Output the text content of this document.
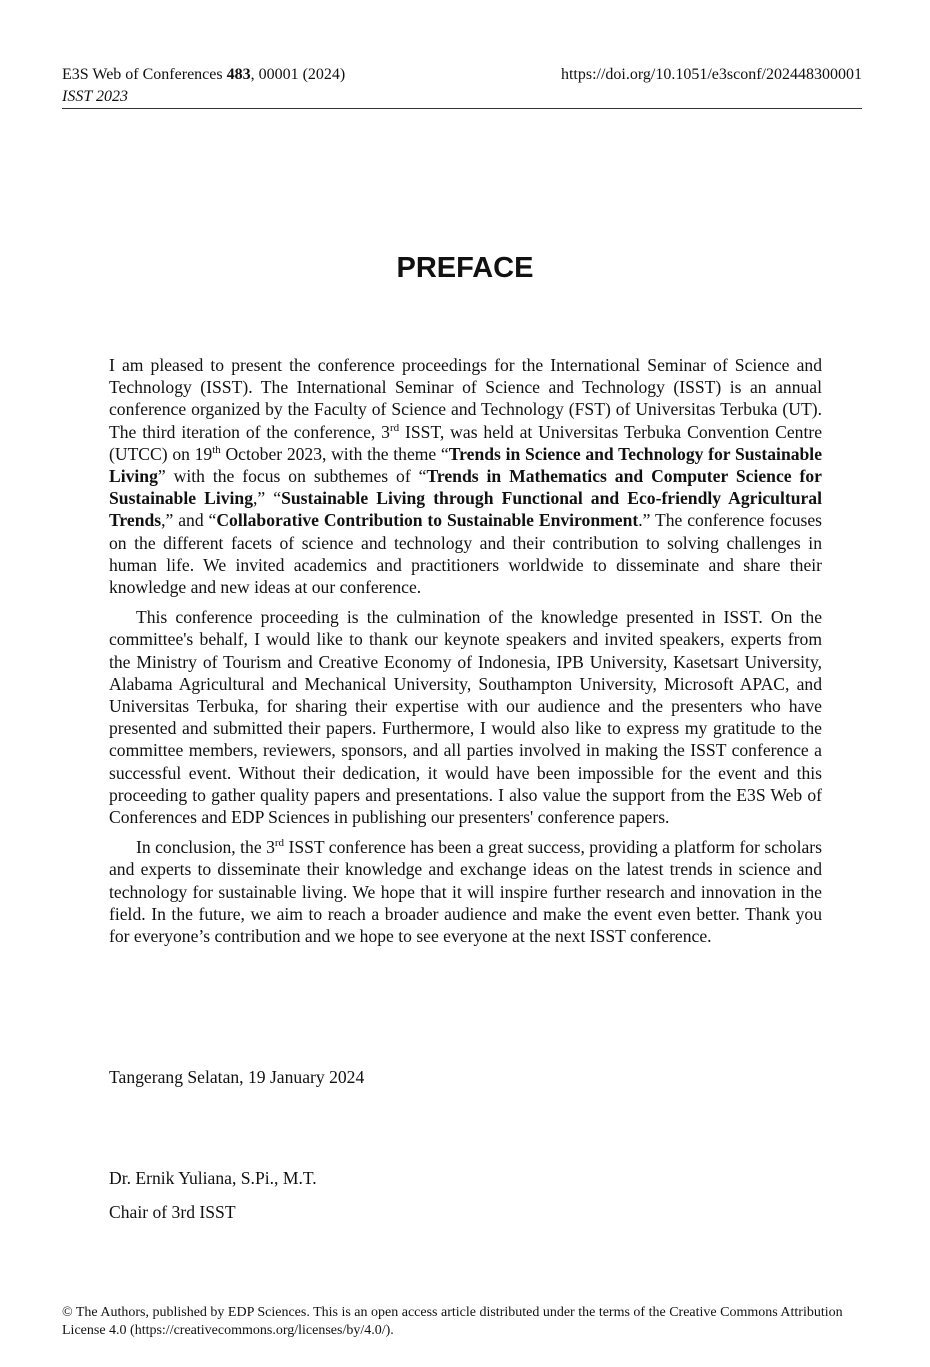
E3S Web of Conferences 483, 00001 (2024)
ISST 2023
https://doi.org/10.1051/e3sconf/202448300001
PREFACE

I am pleased to present the conference proceedings for the International Seminar of Science and Technology (ISST). The International Seminar of Science and Technology (ISST) is an annual conference organized by the Faculty of Science and Technology (FST) of Universitas Terbuka (UT). The third iteration of the conference, 3rd ISST, was held at Universitas Terbuka Convention Centre (UTCC) on 19th October 2023, with the theme “Trends in Science and Technology for Sustainable Living” with the focus on subthemes of “Trends in Mathematics and Computer Science for Sustainable Living,” “Sustainable Living through Functional and Eco-friendly Agricultural Trends,” and “Collaborative Contribution to Sustainable Environment.” The conference focuses on the different facets of science and technology and their contribution to solving challenges in human life. We invited academics and practitioners worldwide to disseminate and share their knowledge and new ideas at our conference.

This conference proceeding is the culmination of the knowledge presented in ISST. On the committee's behalf, I would like to thank our keynote speakers and invited speakers, experts from the Ministry of Tourism and Creative Economy of Indonesia, IPB University, Kasetsart University, Alabama Agricultural and Mechanical University, Southampton University, Microsoft APAC, and Universitas Terbuka, for sharing their expertise with our audience and the presenters who have presented and submitted their papers. Furthermore, I would also like to express my gratitude to the committee members, reviewers, sponsors, and all parties involved in making the ISST conference a successful event. Without their dedication, it would have been impossible for the event and this proceeding to gather quality papers and presentations. I also value the support from the E3S Web of Conferences and EDP Sciences in publishing our presenters' conference papers.

In conclusion, the 3rd ISST conference has been a great success, providing a platform for scholars and experts to disseminate their knowledge and exchange ideas on the latest trends in science and technology for sustainable living. We hope that it will inspire further research and innovation in the field. In the future, we aim to reach a broader audience and make the event even better. Thank you for everyone’s contribution and we hope to see everyone at the next ISST conference.

Tangerang Selatan, 19 January 2024
Dr. Ernik Yuliana, S.Pi., M.T.
Chair of 3rd ISST
© The Authors, published by EDP Sciences. This is an open access article distributed under the terms of the Creative Commons Attribution License 4.0 (https://creativecommons.org/licenses/by/4.0/).
